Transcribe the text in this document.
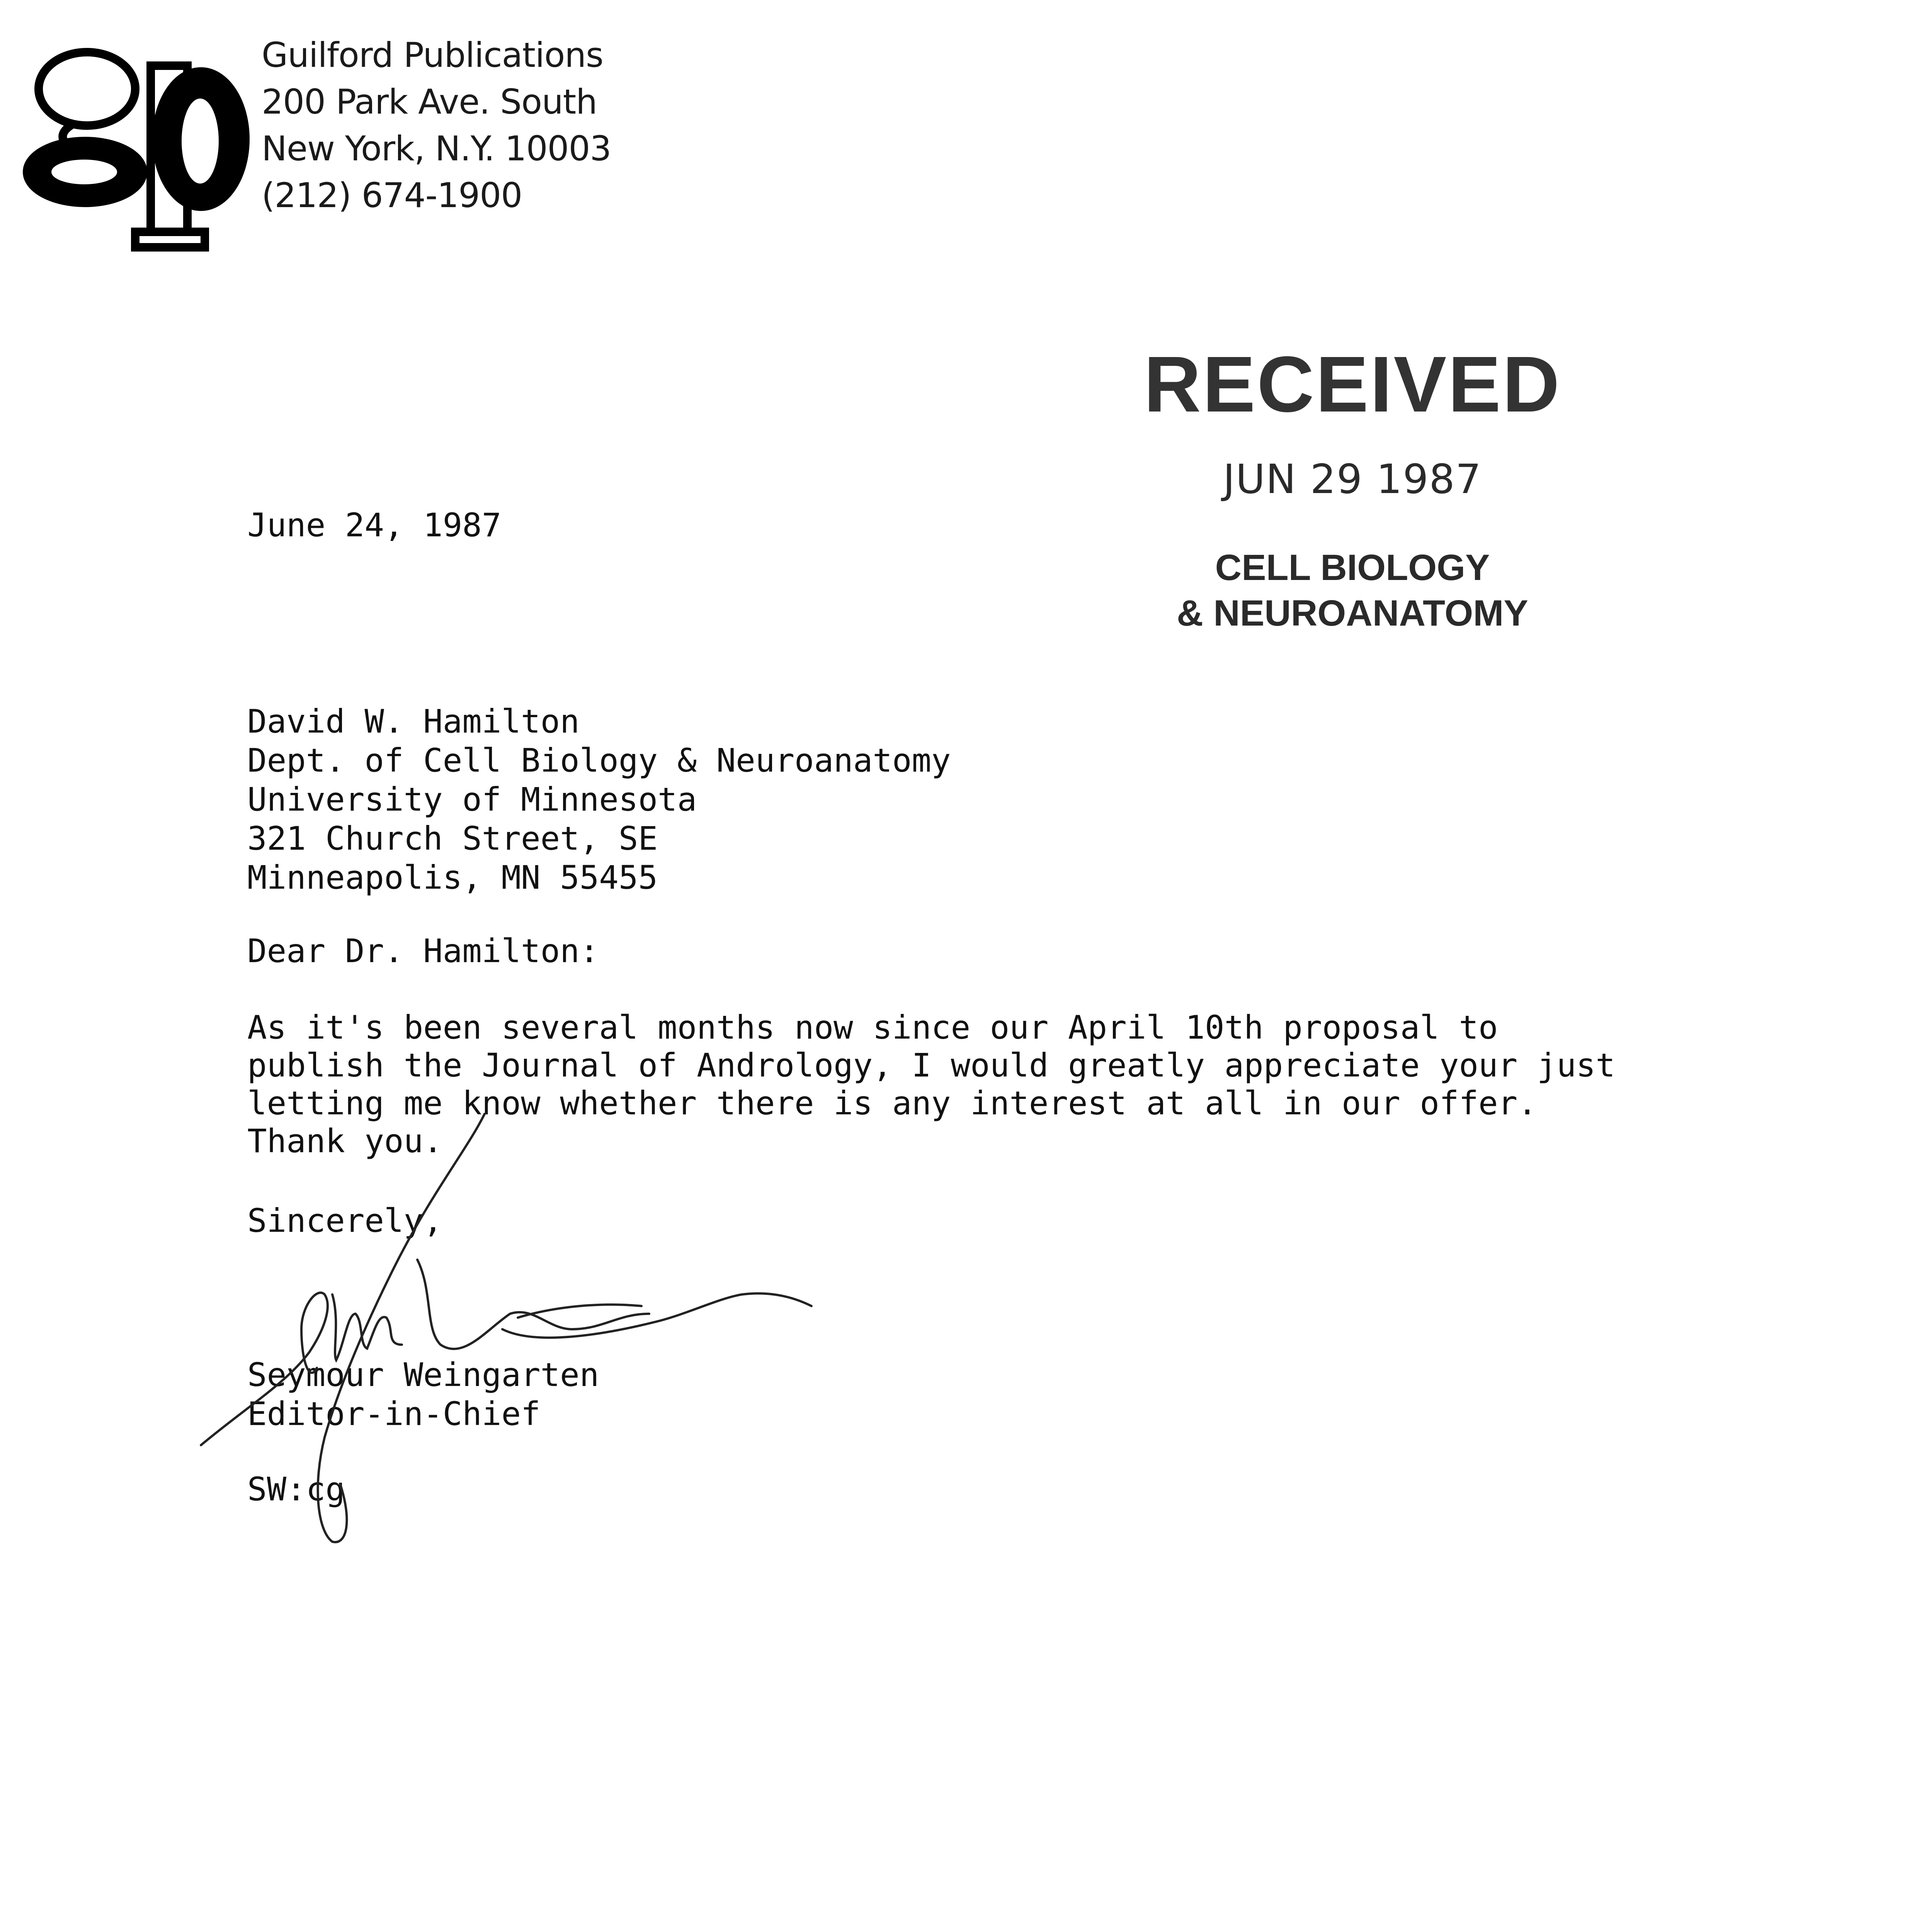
Guilford Publications
200 Park Ave. South
New York, N.Y. 10003
(212) 674-1900
RECEIVED
JUN 29 1987
CELL BIOLOGY
& NEUROANATOMY
June 24, 1987
David W. Hamilton
Dept. of Cell Biology & Neuroanatomy
University of Minnesota
321 Church Street, SE
Minneapolis, MN 55455
Dear Dr. Hamilton:
As it's been several months now since our April 10th proposal to
publish the Journal of Andrology, I would greatly appreciate your just
letting me know whether there is any interest at all in our offer.
Thank you.
Sincerely,
Seymour Weingarten
Editor-in-Chief
SW:cg
